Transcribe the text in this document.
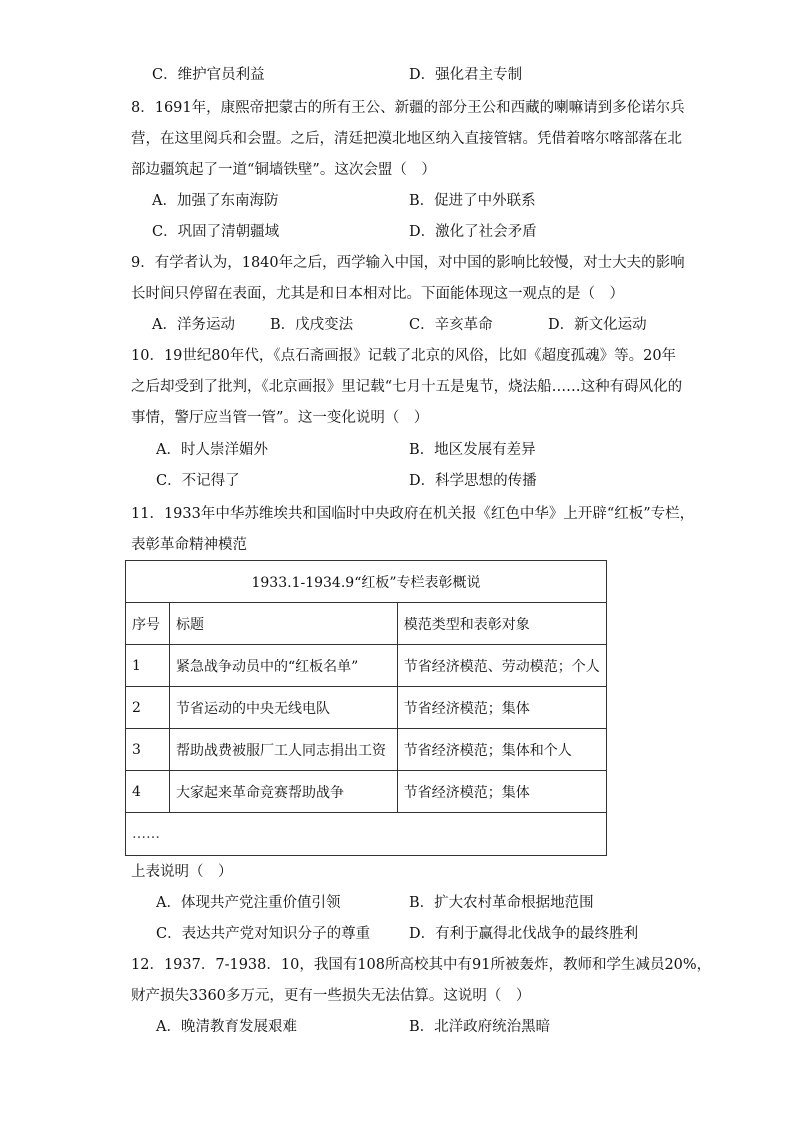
C．维护官员利益	D．强化君主专制
8．1691年，康熙帝把蒙古的所有王公、新疆的部分王公和西藏的喇嘛请到多伦诺尔兵
营，在这里阅兵和会盟。之后，清廷把漠北地区纳入直接管辖。凭借着喀尔喀部落在北
部边疆筑起了一道“铜墙铁壁”。这次会盟（　）
A．加强了东南海防	B．促进了中外联系
C．巩固了清朝疆域	D．激化了社会矛盾
9．有学者认为，1840年之后，西学输入中国，对中国的影响比较慢，对士大夫的影响
长时间只停留在表面，尤其是和日本相对比。下面能体现这一观点的是（　）
A．洋务运动 B．戊戌变法	C．辛亥革命	D．新文化运动
10．19世纪80年代，《点石斋画报》记载了北京的风俗，比如《超度孤魂》等。20年
之后却受到了批判，《北京画报》里记载“七月十五是鬼节，烧法船……这种有碍风化的
事情，警厅应当管一管”。这一变化说明（　）
A．时人崇洋媚外	B．地区发展有差异
C．不记得了	D．科学思想的传播
11．1933年中华苏维埃共和国临时中央政府在机关报《红色中华》上开辟“红板”专栏，
表彰革命精神模范
1933.1-1934.9“红板”专栏表彰概说		
序号	标题	模范类型和表彰对象
1	紧急战争动员中的“红板名单”	节省经济模范、劳动模范；个人
2	节省运动的中央无线电队	节省经济模范；集体
3	帮助战费被服厂工人同志捐出工资	节省经济模范；集体和个人
4	大家起来革命竞赛帮助战争	节省经济模范；集体
……		
上表说明（　）
A．体现共产党注重价值引领	B．扩大农村革命根据地范围
C．表达共产党对知识分子的尊重	D．有利于赢得北伐战争的最终胜利
12．1937．7-1938．10，我国有108所高校其中有91所被轰炸，教师和学生减员20%，
财产损失3360多万元，更有一些损失无法估算。这说明（　）
A．晚清教育发展艰难	B．北洋政府统治黑暗
